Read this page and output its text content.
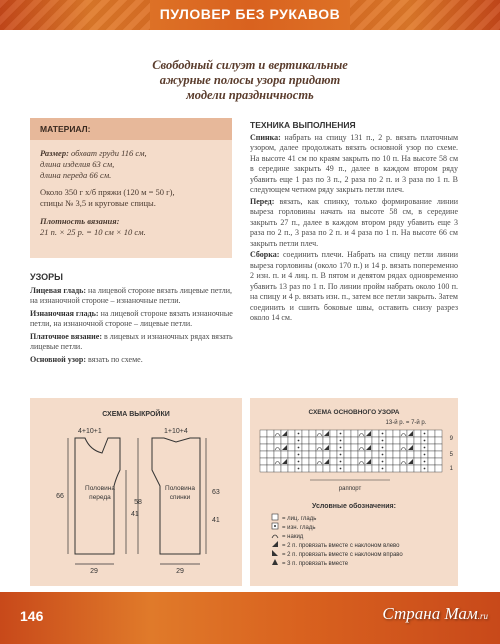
ПУЛОВЕР БЕЗ РУКАВОВ
Свободный силуэт и вертикальные
ажурные полосы узора придают
модели праздничность
МАТЕРИАЛ:
Размер: обхват груди 116 см,
длина изделия 63 см,
длина переда 66 см.
Около 350 г х/б пряжи (120 м = 50 г),
спицы № 3,5 и круговые спицы.
Плотность вязания:
21 п. × 25 р. = 10 см × 10 см.
УЗОРЫ

Лицевая гладь: на лицевой стороне вязать лицевые петли, на изнаночной стороне – изнаночные петли.

Изнаночная гладь: на лицевой стороне вязать изнаночные петли, на изнаночной стороне – лицевые петли.

Платочное вязание: в лицевых и изнаночных рядах вязать лицевые петли.

Основной узор: вязать по схеме.

ТЕХНИКА ВЫПОЛНЕНИЯ

Спинка: набрать на спицу 131 п., 2 р. вязать платочным узором, далее продолжать вязать основной узор по схеме. На высоте 41 см по краям закрыть по 10 п. На высоте 58 см в середине закрыть 49 п., далее в каждом втором ряду убавить еще 1 раз по 3 п., 2 раза по 2 п. и 3 раза по 1 п. В следующем четном ряду закрыть петли плеч.

Перед: вязать, как спинку, только формирование линии выреза горловины начать на высоте 58 см, в середине закрыть 27 п., далее в каждом втором ряду убавить еще 3 раза по 2 п., 3 раза по 2 п. и 4 раза по 1 п. На высоте 66 см закрыть петли плеч.

Сборка: соединить плечи. Набрать на спицу петли линии выреза горловины (около 170 п.) и 14 р. вязать попеременно 2 изн. п. и 4 лиц. п. В пятом и девятом рядах одновременно убавить 13 раз по 1 п. По линии пройм набрать около 100 п. на спицу и 4 р. вязать изн. п., затем все петли закрыть. Затем соединить и сшить боковые швы, оставить снизу разрез около 14 см.

СХЕМА ВЫКРОЙКИ
4+10+1	1+10+4
Половина
переда
Половина
спинки
66
41
58
63
41
29	29
СХЕМА ОСНОВНОГО УЗОРА
13-й р. = 7-й р.
9
5
1
раппорт
Условные обозначения:
= лиц. гладь
= изн. гладь
= накид
= 2 п. провязать вместе с наклоном влево
= 2 п. провязать вместе с наклоном вправо
= 3 п. провязать вместе
146	Страна Мам.ru
